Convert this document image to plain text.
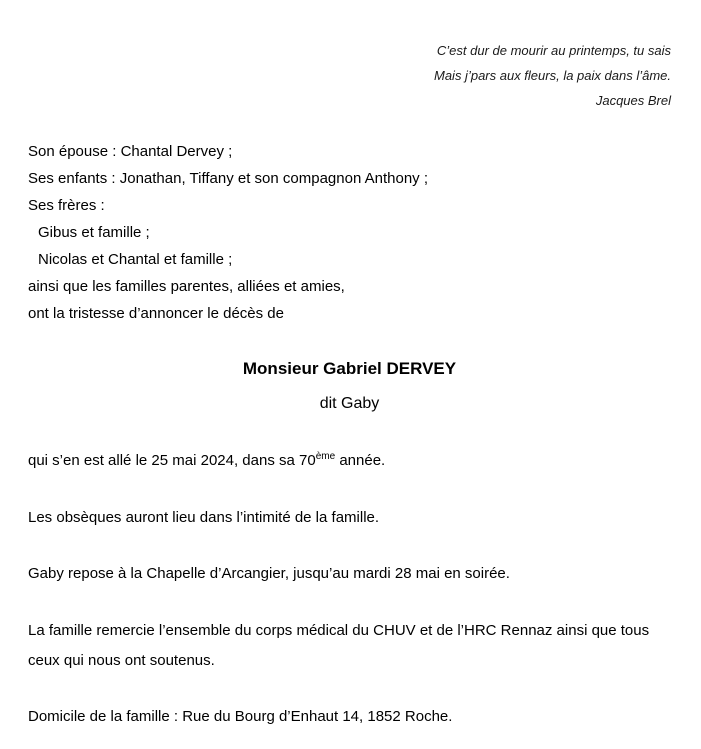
C’est dur de mourir au printemps, tu sais
Mais j’pars aux fleurs, la paix dans l’âme.
Jacques Brel
Son épouse : Chantal Dervey ;
Ses enfants : Jonathan, Tiffany et son compagnon Anthony ;
Ses frères :
Gibus et famille ;
Nicolas et Chantal et famille ;
ainsi que les familles parentes, alliées et amies,
ont la tristesse d’annoncer le décès de
Monsieur Gabriel DERVEY
dit Gaby

qui s’en est allé le 25 mai 2024, dans sa 70ème année.

Les obsèques auront lieu dans l’intimité de la famille.

Gaby repose à la Chapelle d’Arcangier, jusqu’au mardi 28 mai en soirée.

La famille remercie l’ensemble du corps médical du CHUV et de l’HRC Rennaz ainsi que tous ceux qui nous ont soutenus.

Domicile de la famille : Rue du Bourg d’Enhaut 14, 1852 Roche.
